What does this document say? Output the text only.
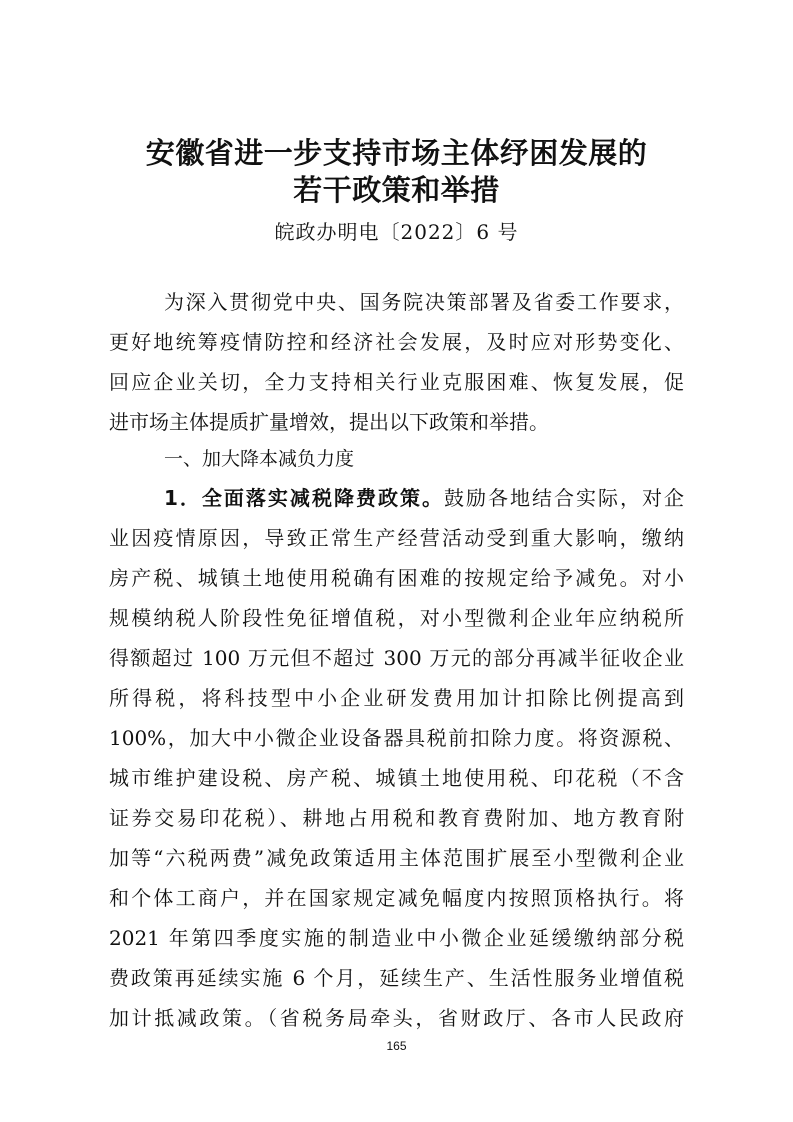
安徽省进一步支持市场主体纾困发展的
若干政策和举措
皖政办明电〔2022〕6 号
为深入贯彻党中央、国务院决策部署及省委工作要求，
更好地统筹疫情防控和经济社会发展，及时应对形势变化、
回应企业关切，全力支持相关行业克服困难、恢复发展，促
进市场主体提质扩量增效，提出以下政策和举措。
一、加大降本减负力度
1．全面落实减税降费政策。鼓励各地结合实际，对企
业因疫情原因，导致正常生产经营活动受到重大影响，缴纳
房产税、城镇土地使用税确有困难的按规定给予减免。对小
规模纳税人阶段性免征增值税，对小型微利企业年应纳税所
得额超过 100 万元但不超过 300 万元的部分再减半征收企业
所得税，将科技型中小企业研发费用加计扣除比例提高到
100%，加大中小微企业设备器具税前扣除力度。将资源税、
城市维护建设税、房产税、城镇土地使用税、印花税（不含
证券交易印花税）、耕地占用税和教育费附加、地方教育附
加等“六税两费”减免政策适用主体范围扩展至小型微利企业
和个体工商户，并在国家规定减免幅度内按照顶格执行。将
2021 年第四季度实施的制造业中小微企业延缓缴纳部分税
费政策再延续实施 6 个月，延续生产、生活性服务业增值税
加计抵减政策。（省税务局牵头，省财政厅、各市人民政府
165
